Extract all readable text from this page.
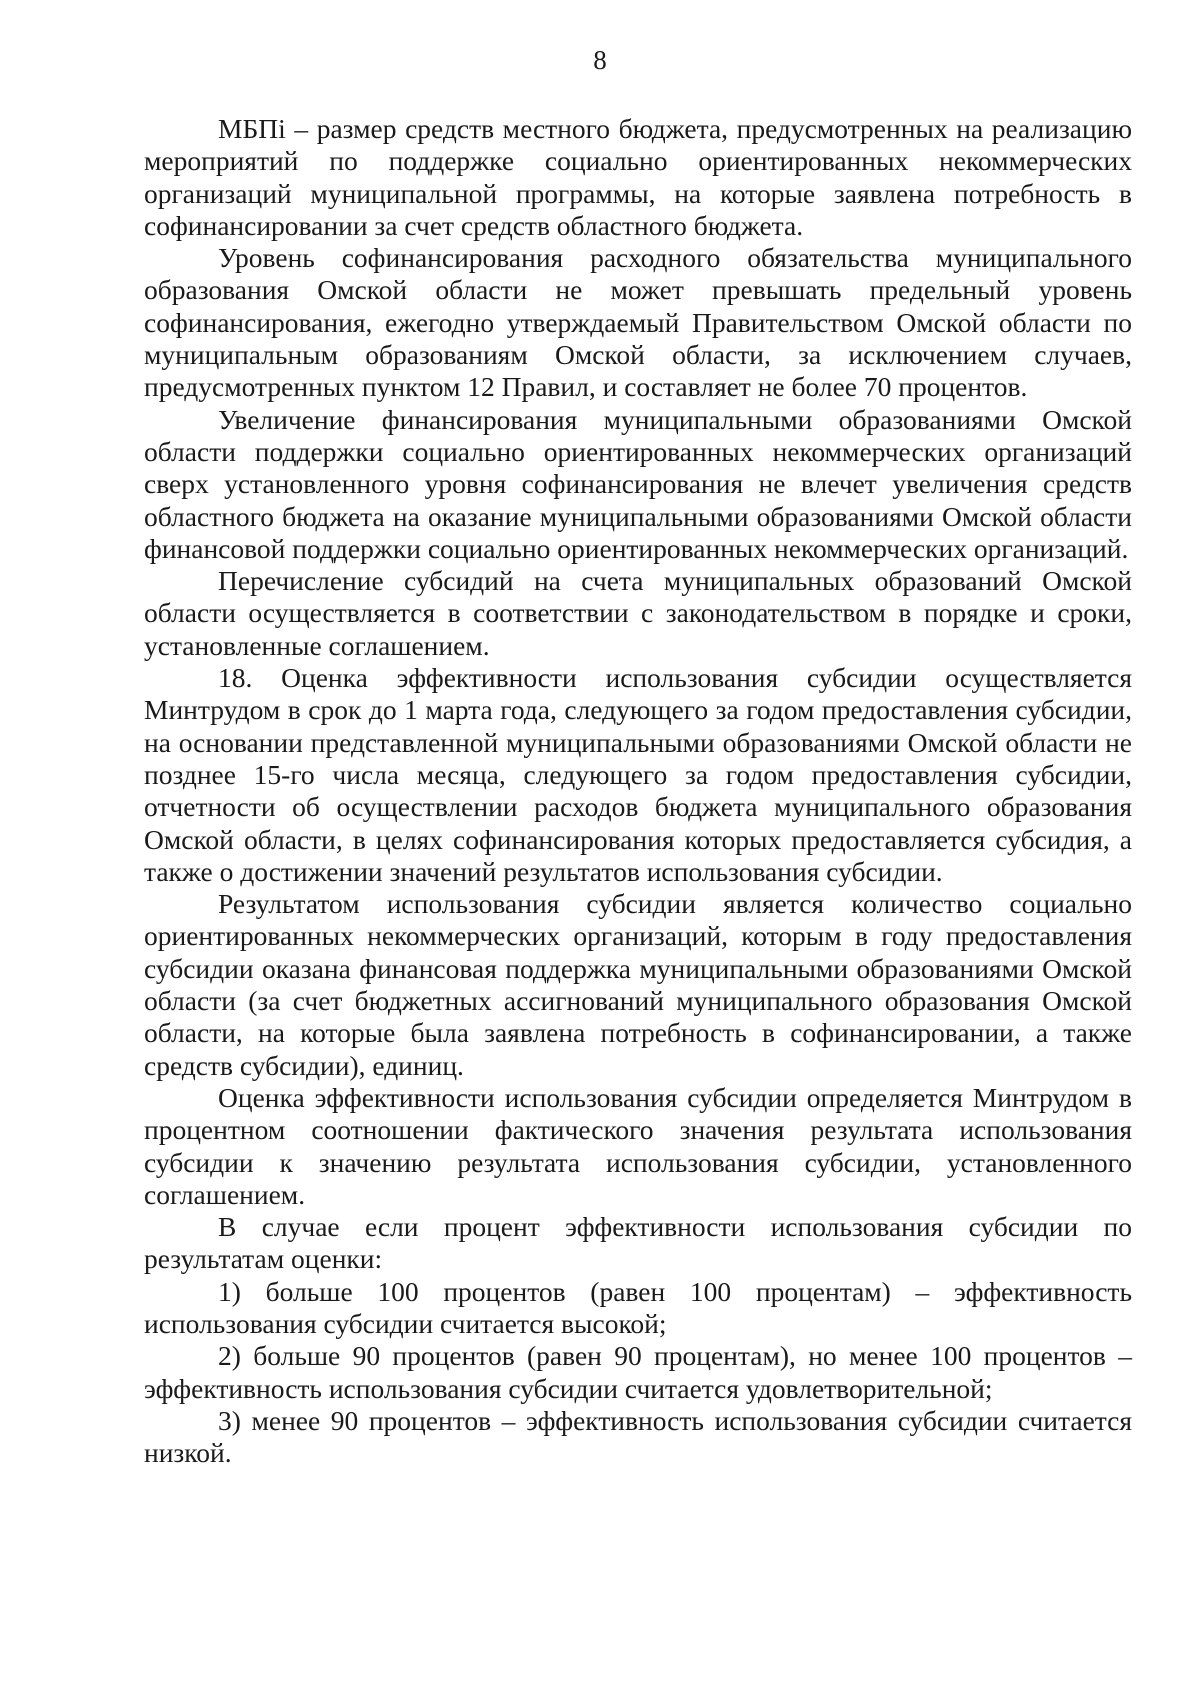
8

МБПi – размер средств местного бюджета, предусмотренных на реализацию мероприятий по поддержке социально ориентированных некоммерческих организаций муниципальной программы, на которые заявлена потребность в софинансировании за счет средств областного бюджета.

Уровень софинансирования расходного обязательства муниципального образования Омской области не может превышать предельный уровень софинансирования, ежегодно утверждаемый Правительством Омской области по муниципальным образованиям Омской области, за исключением случаев, предусмотренных пунктом 12 Правил, и составляет не более 70 процентов.

Увеличение финансирования муниципальными образованиями Омской области поддержки социально ориентированных некоммерческих организаций сверх установленного уровня софинансирования не влечет увеличения средств областного бюджета на оказание муниципальными образованиями Омской области финансовой поддержки социально ориентированных некоммерческих организаций.

Перечисление субсидий на счета муниципальных образований Омской области осуществляется в соответствии с законодательством в порядке и сроки, установленные соглашением.

18. Оценка эффективности использования субсидии осуществляется Минтрудом в срок до 1 марта года, следующего за годом предоставления субсидии, на основании представленной муниципальными образованиями Омской области не позднее 15-го числа месяца, следующего за годом предоставления субсидии, отчетности об осуществлении расходов бюджета муниципального образования Омской области, в целях софинансирования которых предоставляется субсидия, а также о достижении значений результатов использования субсидии.

Результатом использования субсидии является количество социально ориентированных некоммерческих организаций, которым в году предоставления субсидии оказана финансовая поддержка муниципальными образованиями Омской области (за счет бюджетных ассигнований муниципального образования Омской области, на которые была заявлена потребность в софинансировании, а также средств субсидии), единиц.

Оценка эффективности использования субсидии определяется Минтрудом в процентном соотношении фактического значения результата использования субсидии к значению результата использования субсидии, установленного соглашением.

В случае если процент эффективности использования субсидии по результатам оценки:

1) больше 100 процентов (равен 100 процентам) – эффективность использования субсидии считается высокой;

2) больше 90 процентов (равен 90 процентам), но менее 100 процентов – эффективность использования субсидии считается удовлетворительной;

3) менее 90 процентов – эффективность использования субсидии считается низкой.
